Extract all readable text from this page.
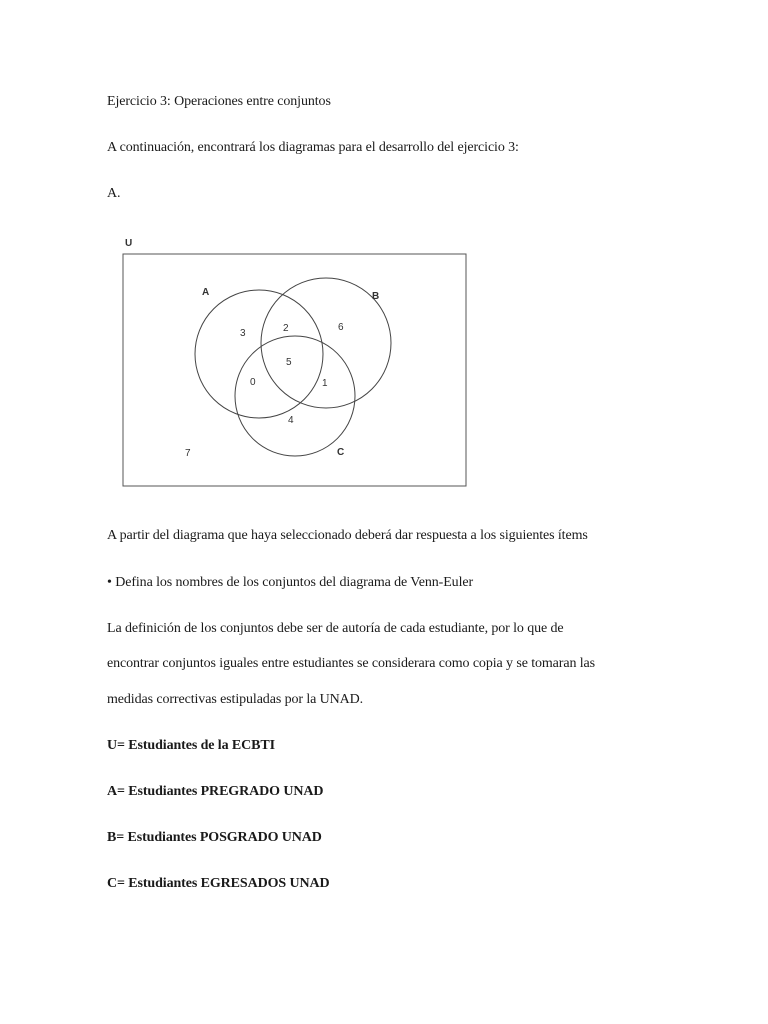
Ejercicio 3: Operaciones entre conjuntos
A continuación, encontrará los diagramas para el desarrollo del ejercicio 3:
A.
U
A	B
C
3	2	6
5
0	1
4
7
A partir del diagrama que haya seleccionado deberá dar respuesta a los siguientes ítems
• Defina los nombres de los conjuntos del diagrama de Venn-Euler
La definición de los conjuntos debe ser de autoría de cada estudiante, por lo que de
encontrar conjuntos iguales entre estudiantes se considerara como copia y se tomaran las
medidas correctivas estipuladas por la UNAD.
U= Estudiantes de la ECBTI
A= Estudiantes PREGRADO UNAD
B= Estudiantes POSGRADO UNAD
C= Estudiantes EGRESADOS UNAD
